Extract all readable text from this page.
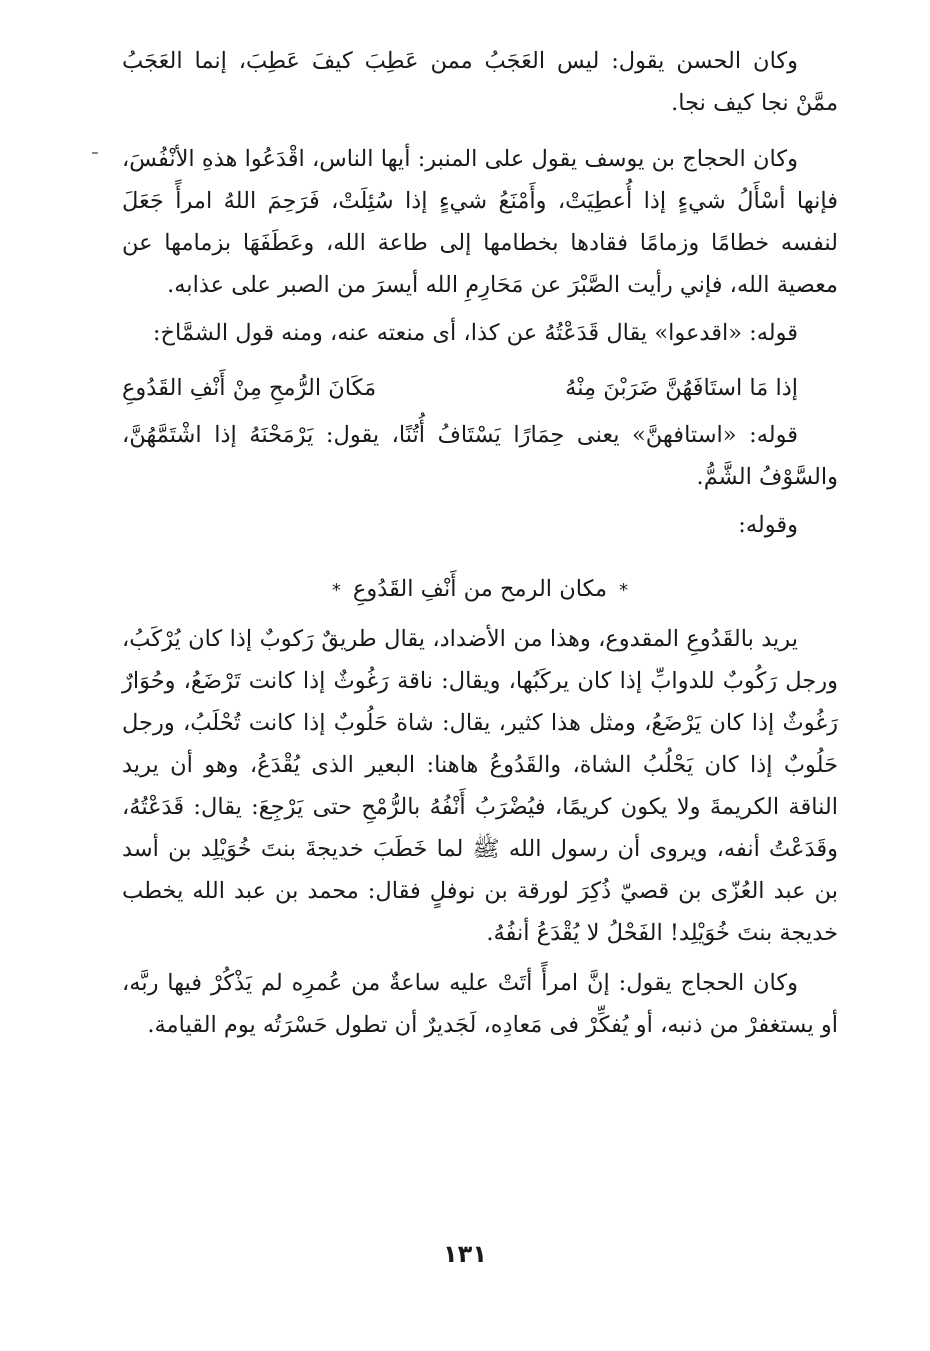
وكان الحسن يقول: ليس العَجَبُ ممن عَطِبَ كيفَ عَطِبَ، إنما العَجَبُ ممَّنْ نجا كيف نجا.

وكان الحجاج بن يوسف يقول على المنبر: أيها الناس، اقْدَعُوا هذهِ الأنْفُسَ، فإنها أسْأَلُ شيءٍ إذا أُعطِيَتْ، وأَمْنَعُ شيءٍ إذا سُئِلَتْ، فَرَحِمَ اللهُ امرأً جَعَلَ لنفسه خطامًا وزمامًا فقادها بخطامها إلى طاعة الله، وعَطَفَهَا بزمامها عن معصية الله، فإني رأيت الصَّبْرَ عن مَحَارِمِ الله أيسرَ من الصبر على عذابه.

قوله: «اقدعوا» يقال قَدَعْتُهُ عن كذا، أى منعته عنه، ومنه قول الشمَّاخ:

إذا مَا استَافَهُنَّ ضَرَبْنَ مِنْهُ
مَكَانَ الرُّمحِ مِنْ أَنْفِ القَدُوعِ

قوله: «استافهنَّ» يعنى حِمَارًا يَسْتَافُ أُتُنًا، يقول: يَرْمَحْنَهُ إذا اشْتَمَّهُنَّ، والسَّوْفُ الشَّمُّ.

وقوله:

*مكان الرمح من أَنْفِ القَدُوعِ*

يريد بالقَدُوعِ المقدوع، وهذا من الأضداد، يقال طريقٌ رَكوبٌ إذا كان يُرْكَبُ، ورجل رَكُوبٌ للدوابِّ إذا كان يركَبُها، ويقال: ناقة رَغُوثٌ إذا كانت تَرْضَعُ، وحُوَارٌ رَغُوثٌ إذا كان يَرْضَعُ، ومثل هذا كثير، يقال: شاة حَلُوبٌ إذا كانت تُحْلَبُ، ورجل حَلُوبٌ إذا كان يَحْلُبُ الشاة، والقَدُوعُ هاهنا: البعير الذى يُقْدَعُ، وهو أن يريد الناقة الكريمةَ ولا يكون كريمًا، فيُضْرَبُ أَنْفُهُ بالرُّمْحِ حتى يَرْجِعَ: يقال: قَدَعْتُهُ، وقَدَعْتُ أنفه، ويروى أن رسول الله ﷺ لما خَطَبَ خديجةَ بنتَ خُوَيْلِد بن أسد بن عبد العُزّى بن قصيّ ذُكِرَ لورقة بن نوفلٍ فقال: محمد بن عبد الله يخطب خديجة بنتَ خُوَيْلِد! الفَحْلُ لا يُقْدَعُ أنفُهُ.

وكان الحجاج يقول: إنَّ امرأً أتَتْ عليه ساعةٌ من عُمرِه لم يَذْكُرْ فيها ربَّه، أو يستغفرْ من ذنبه، أو يُفكِّرْ فى مَعادِه، لَجَديرٌ أن تطول حَسْرَتُه يوم القيامة.

١٣١
